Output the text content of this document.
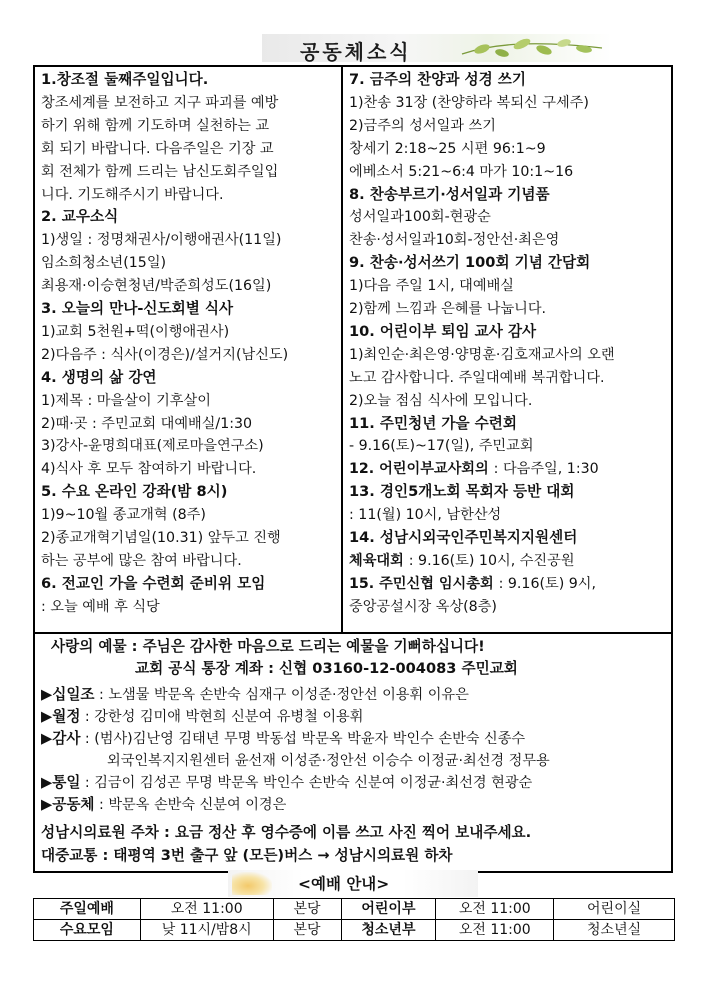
공동체소식
1.창조절 둘째주일입니다.
창조세계를 보전하고 지구 파괴를 예방
하기 위해 함께 기도하며 실천하는 교
회 되기 바랍니다. 다음주일은 기장 교
회 전체가 함께 드리는 남신도회주일입
니다. 기도해주시기 바랍니다.
2. 교우소식
1)생일 : 정명채권사/이행애권사(11일)
임소희청소년(15일)
최용재·이승현청년/박준희성도(16일)
3. 오늘의 만나-신도회별 식사
1)교회 5천원+떡(이행애권사)
2)다음주 : 식사(이경은)/설거지(남신도)
4. 생명의 삶 강연
1)제목 : 마을살이 기후살이
2)때·곳 : 주민교회 대예배실/1:30
3)강사-윤명희대표(제로마을연구소)
4)식사 후 모두 참여하기 바랍니다.
5. 수요 온라인 강좌(밤 8시)
1)9~10월 종교개혁 (8주)
2)종교개혁기념일(10.31) 앞두고 진행
하는 공부에 많은 참여 바랍니다.
6. 전교인 가을 수련회 준비위 모임
: 오늘 예배 후 식당
7. 금주의 찬양과 성경 쓰기
1)찬송 31장 (찬양하라 복되신 구세주)
2)금주의 성서일과 쓰기
창세기 2:18~25 시편 96:1~9
에베소서 5:21~6:4 마가 10:1~16
8. 찬송부르기·성서일과 기념품
성서일과100회-현광순
찬송·성서일과10회-정안선·최은영
9. 찬송·성서쓰기 100회 기념 간담회
1)다음 주일 1시, 대예배실
2)함께 느낌과 은혜를 나눕니다.
10. 어린이부 퇴임 교사 감사
1)최인순·최은영·양명훈·김호재교사의 오랜
노고 감사합니다. 주일대예배 복귀합니다.
2)오늘 점심 식사에 모입니다.
11. 주민청년 가을 수련회
- 9.16(토)~17(일), 주민교회
12. 어린이부교사회의 : 다음주일, 1:30
13. 경인5개노회 목회자 등반 대회
: 11(월) 10시, 남한산성
14. 성남시외국인주민복지지원센터
체육대회 : 9.16(토) 10시, 수진공원
15. 주민신협 임시총회 : 9.16(토) 9시,
중앙공설시장 옥상(8층)
사랑의 예물 : 주님은 감사한 마음으로 드리는 예물을 기뻐하십니다!
교회 공식 통장 계좌 : 신협 03160-12-004083 주민교회
▶십일조 : 노샘물 박문옥 손반숙 심재구 이성준·정안선 이용휘 이유은
▶월정 : 강한성 김미애 박현희 신분여 유병철 이용휘
▶감사 : (범사)김난영 김태년 무명 박동섭 박문옥 박윤자 박인수 손반숙 신종수
외국인복지지원센터 윤선재 이성준·정안선 이승수 이정균·최선경 정무용
▶통일 : 김금이 김성곤 무명 박문옥 박인수 손반숙 신분여 이정균·최선경 현광순
▶공동체 : 박문옥 손반숙 신분여 이경은
성남시의료원 주차 : 요금 정산 후 영수증에 이름 쓰고 사진 찍어 보내주세요.
대중교통 : 태평역 3번 출구 앞 (모든)버스 → 성남시의료원 하차
<예배 안내>
주일예배	오전 11:00	본당	어린이부	오전 11:00	어린이실
수요모임	낮 11시/밤8시	본당	청소년부	오전 11:00	청소년실
